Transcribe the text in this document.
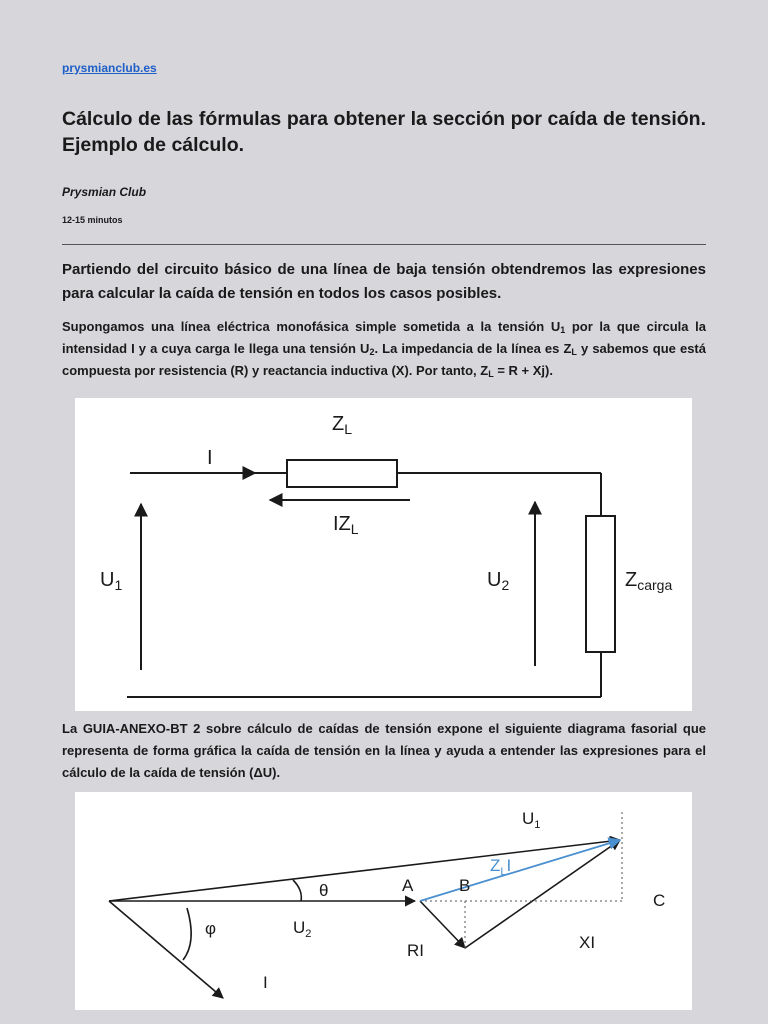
prysmianclub.es
Cálculo de las fórmulas para obtener la sección por caída de tensión. Ejemplo de cálculo.
Prysmian Club
12-15 minutos

Partiendo del circuito básico de una línea de baja tensión obtendremos las expresiones para calcular la caída de tensión en todos los casos posibles.

Supongamos una línea eléctrica monofásica simple sometida a la tensión $U_1$ por la que circula la intensidad I y a cuya carga le llega una tensión $U_2$. La impedancia de la línea es $Z_L$ y sabemos que está compuesta por resistencia (R) y reactancia inductiva (X). Por tanto, $Z_L = R + Xj$).

La GUIA-ANEXO-BT 2 sobre cálculo de caídas de tensión expone el siguiente diagrama fasorial que representa de forma gráfica la caída de tensión en la línea y ayuda a entender las expresiones para el cálculo de la caída de tensión (ΔU).

$Z_L$
I
$IZ_L$
$U_1$	$U_2$	$Z_{carga}$
$U_1$
$Z_LI$
θ	A	B
C
φ	$U_2$
RI	XI
I
